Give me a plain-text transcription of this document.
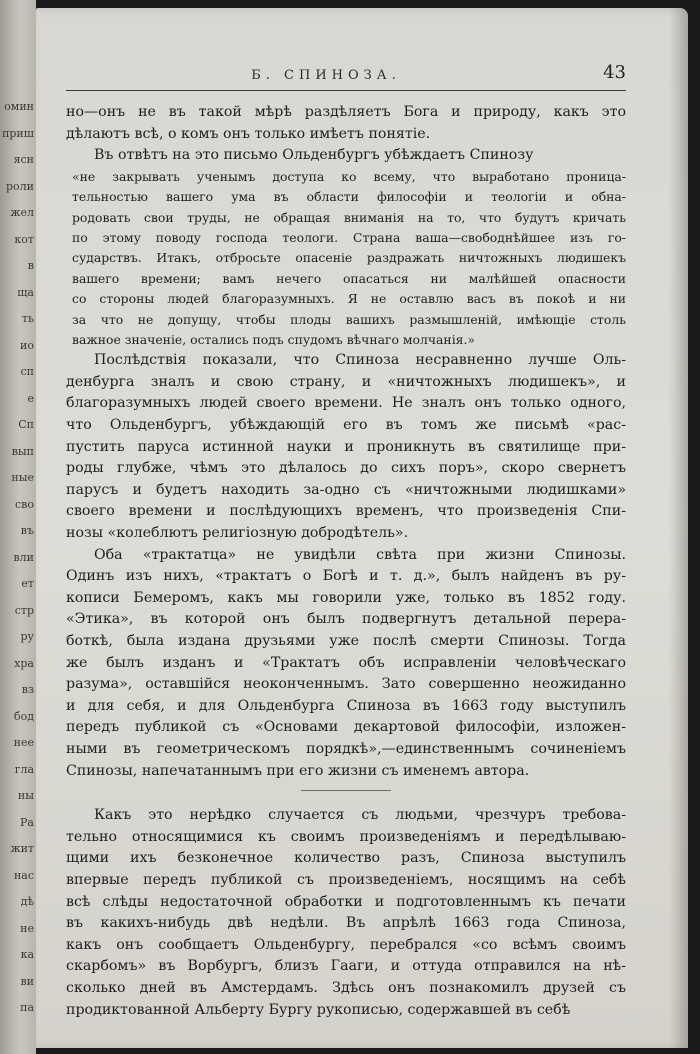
омин
приш
ясн
роли
жел
кот
в
ща
ть
ио
сп
е
Сп
вып
ные
сво
въ
вли
ет
стр
ру
хра
вз
бод
нее
гла
ны
Ра
жит
нас
дѣ
не
ка
ви
па
Б. СПИНОЗА.	43
но—онъ не въ такой мѣрѣ раздѣляетъ Бога и природу, какъ это
дѣлаютъ всѣ, о комъ онъ только имѣетъ понятіе.
Въ отвѣтъ на это письмо Ольденбургъ убѣждаетъ Спинозу
«не закрывать ученымъ доступа ко всему, что выработано проница-
тельностью вашего ума въ области философіи и теологіи и обна-
родовать свои труды, не обращая вниманія на то, что будутъ кричать
по этому поводу господа теологи. Страна ваша—свободнѣйшее изъ го-
сударствъ. Итакъ, отбросьте опасеніе раздражать ничтожныхъ людишекъ
вашего времени; вамъ нечего опасаться ни малѣйшей опасности
со стороны людей благоразумныхъ. Я не оставлю васъ въ покоѣ и ни
за что не допущу, чтобы плоды вашихъ размышленій, имѣющіе столь
важное значеніе, остались подъ спудомъ вѣчнаго молчанія.»
Послѣдствія показали, что Спиноза несравненно лучше Оль-
денбурга зналъ и свою страну, и «ничтожныхъ людишекъ», и
благоразумныхъ людей своего времени. Не зналъ онъ только одного,
что Ольденбургъ, убѣждающій его въ томъ же письмѣ «рас-
пустить паруса истинной науки и проникнуть въ святилище при-
роды глубже, чѣмъ это дѣлалось до сихъ поръ», скоро свернетъ
парусъ и будетъ находить за-одно съ «ничтожными людишками»
своего времени и послѣдующихъ временъ, что произведенія Спи-
нозы «колеблютъ религіозную добродѣтель».
Оба «трактатца» не увидѣли свѣта при жизни Спинозы.
Одинъ изъ нихъ, «трактатъ о Богѣ и т. д.», былъ найденъ въ ру-
кописи Бемеромъ, какъ мы говорили уже, только въ 1852 году.
«Этика», въ которой онъ былъ подвергнутъ детальной перера-
боткѣ, была издана друзьями уже послѣ смерти Спинозы. Тогда
же былъ изданъ и «Трактатъ объ исправленіи человѣческаго
разума», оставшійся неоконченнымъ. Зато совершенно неожиданно
и для себя, и для Ольденбурга Спиноза въ 1663 году выступилъ
передъ публикой съ «Основами декартовой философіи, изложен-
ными въ геометрическомъ порядкѣ»,—единственнымъ сочиненіемъ
Спинозы, напечатаннымъ при его жизни съ именемъ автора.
Какъ это нерѣдко случается съ людьми, чрезчуръ требова-
тельно относящимися къ своимъ произведеніямъ и передѣлываю-
щими ихъ безконечное количество разъ, Спиноза выступилъ
впервые передъ публикой съ произведеніемъ, носящимъ на себѣ
всѣ слѣды недостаточной обработки и подготовленнымъ къ печати
въ какихъ-нибудь двѣ недѣли. Въ апрѣлѣ 1663 года Спиноза,
какъ онъ сообщаетъ Ольденбургу, перебрался «со всѣмъ своимъ
скарбомъ» въ Ворбургъ, близъ Гааги, и оттуда отправился на нѣ-
сколько дней въ Амстердамъ. Здѣсь онъ познакомилъ друзей съ
продиктованной Альберту Бургу рукописью, содержавшей въ себѣ
